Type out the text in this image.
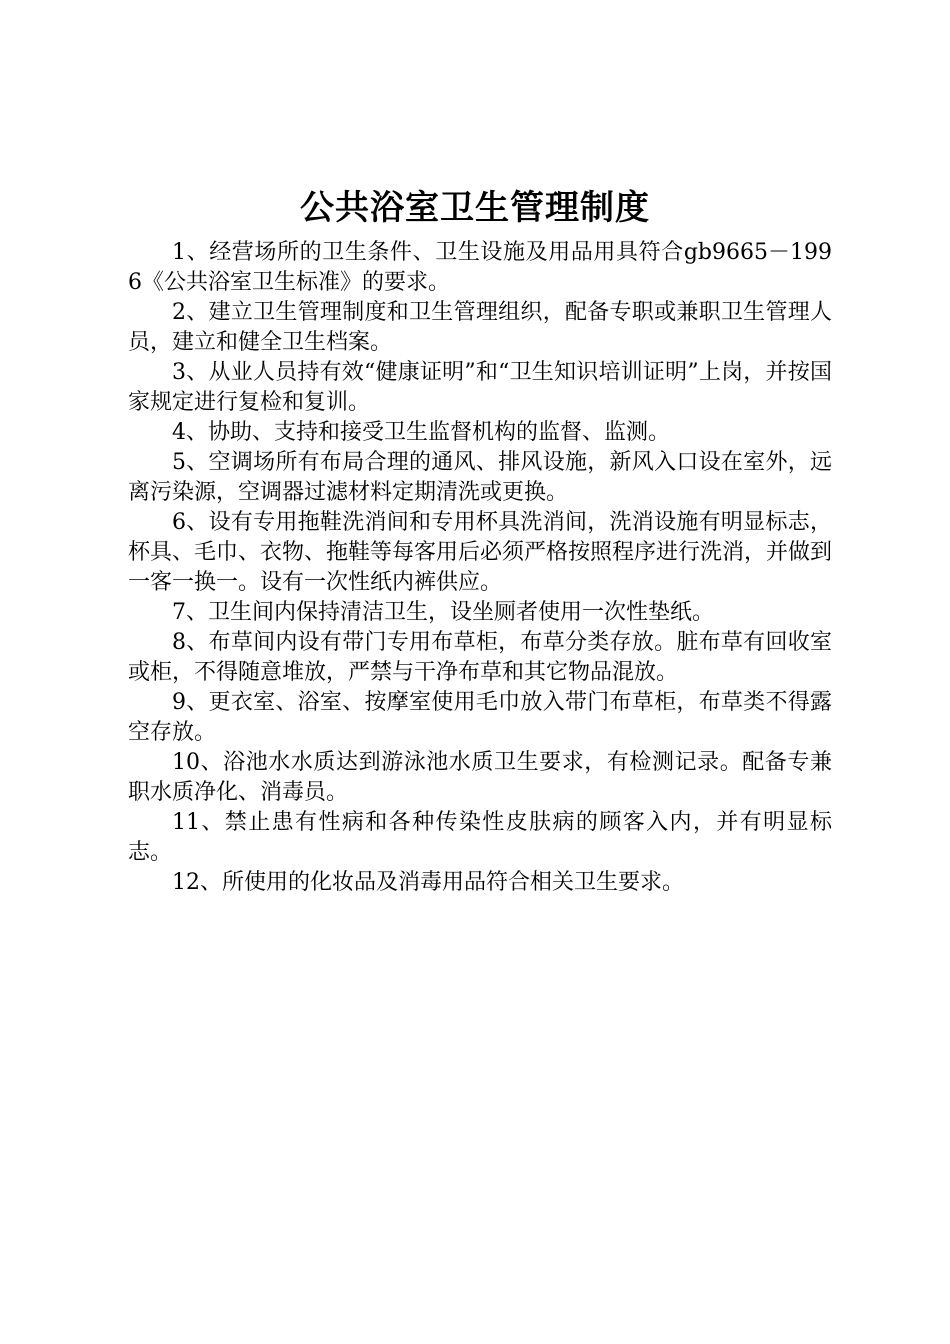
公共浴室卫生管理制度

1、经营场所的卫生条件、卫生设施及用品用具符合gb9665－1996《公共浴室卫生标准》的要求。

2、建立卫生管理制度和卫生管理组织，配备专职或兼职卫生管理人员，建立和健全卫生档案。

3、从业人员持有效“健康证明”和“卫生知识培训证明”上岗，并按国家规定进行复检和复训。

4、协助、支持和接受卫生监督机构的监督、监测。

5、空调场所有布局合理的通风、排风设施，新风入口设在室外，远离污染源，空调器过滤材料定期清洗或更换。

6、设有专用拖鞋洗消间和专用杯具洗消间，洗消设施有明显标志，杯具、毛巾、衣物、拖鞋等每客用后必须严格按照程序进行洗消，并做到一客一换一。设有一次性纸内裤供应。

7、卫生间内保持清洁卫生，设坐厕者使用一次性垫纸。

8、布草间内设有带门专用布草柜，布草分类存放。脏布草有回收室或柜，不得随意堆放，严禁与干净布草和其它物品混放。

9、更衣室、浴室、按摩室使用毛巾放入带门布草柜，布草类不得露空存放。

10、浴池水水质达到游泳池水质卫生要求，有检测记录。配备专兼职水质净化、消毒员。

11、禁止患有性病和各种传染性皮肤病的顾客入内，并有明显标志。

12、所使用的化妆品及消毒用品符合相关卫生要求。
